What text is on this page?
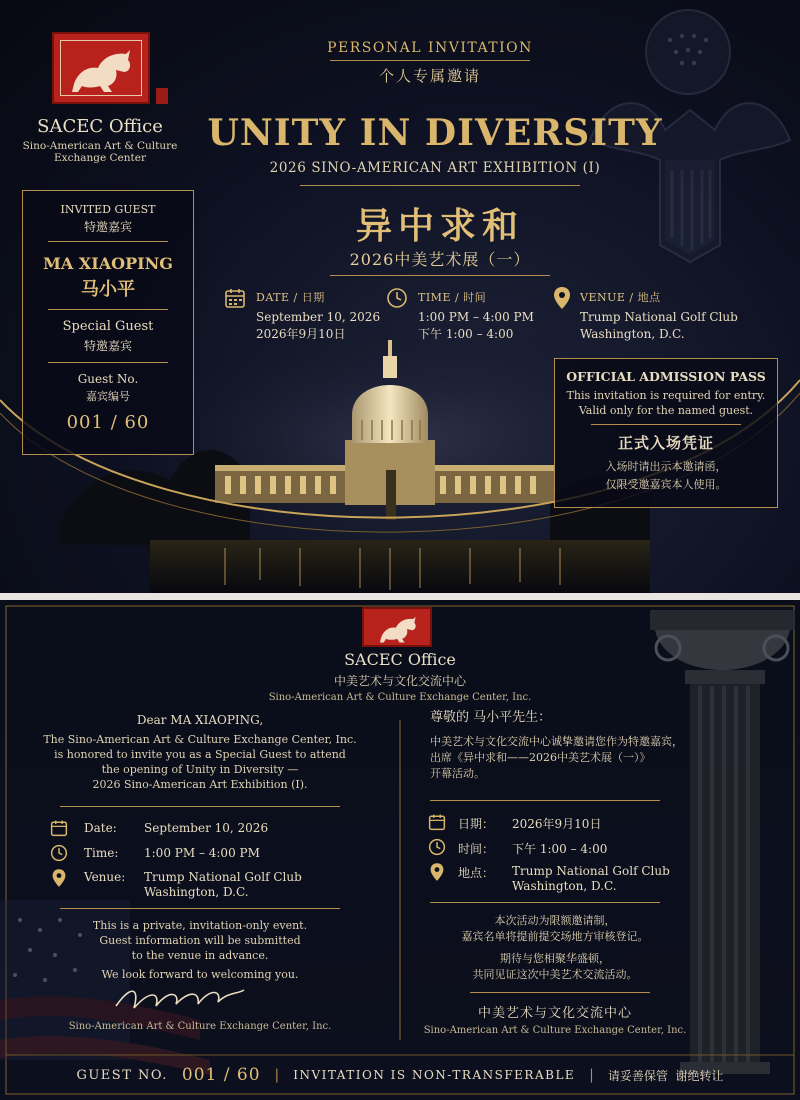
SACEC Office
Sino-American Art & Culture
Exchange Center
INVITED GUEST
特邀嘉宾
MA XIAOPING
马小平
Special Guest
特邀嘉宾
Guest No.
嘉宾编号
001 / 60
PERSONAL INVITATION
个人专属邀请
UNITY IN DIVERSITY
2026 SINO-AMERICAN ART EXHIBITION (I)
异中求和
2026中美艺术展（一）
DATE / 日期
September 10, 2026
2026年9月10日
TIME / 时间
1:00 PM – 4:00 PM
下午 1:00 – 4:00
VENUE / 地点
Trump National Golf Club
Washington, D.C.
OFFICIAL ADMISSION PASS
This invitation is required for entry.
Valid only for the named guest.
正式入场凭证
入场时请出示本邀请函，
仅限受邀嘉宾本人使用。
SACEC Office
中美艺术与文化交流中心
Sino-American Art & Culture Exchange Center, Inc.
Dear MA XIAOPING,
The Sino-American Art & Culture Exchange Center, Inc.
is honored to invite you as a Special Guest to attend
the opening of Unity in Diversity —
2026 Sino-American Art Exhibition (I).
Date: September 10, 2026
Time: 1:00 PM – 4:00 PM
Venue: Trump National Golf Club
Washington, D.C.
This is a private, invitation-only event.
Guest information will be submitted
to the venue in advance.
We look forward to welcoming you.
Sino-American Art & Culture Exchange Center, Inc.
尊敬的 马小平先生：
中美艺术与文化交流中心诚挚邀请您作为特邀嘉宾，
出席《异中求和——2026中美艺术展（一）》
开幕活动。
日期： 2026年9月10日
时间： 下午 1:00 – 4:00
地点： Trump National Golf Club
Washington, D.C.
本次活动为限额邀请制，
嘉宾名单将提前提交场地方审核登记。
期待与您相聚华盛顿，
共同见证这次中美艺术交流活动。
中美艺术与文化交流中心
Sino-American Art & Culture Exchange Center, Inc.
GUEST NO. 001 / 60 | INVITATION IS NON-TRANSFERABLE | 请妥善保管  谢绝转让
